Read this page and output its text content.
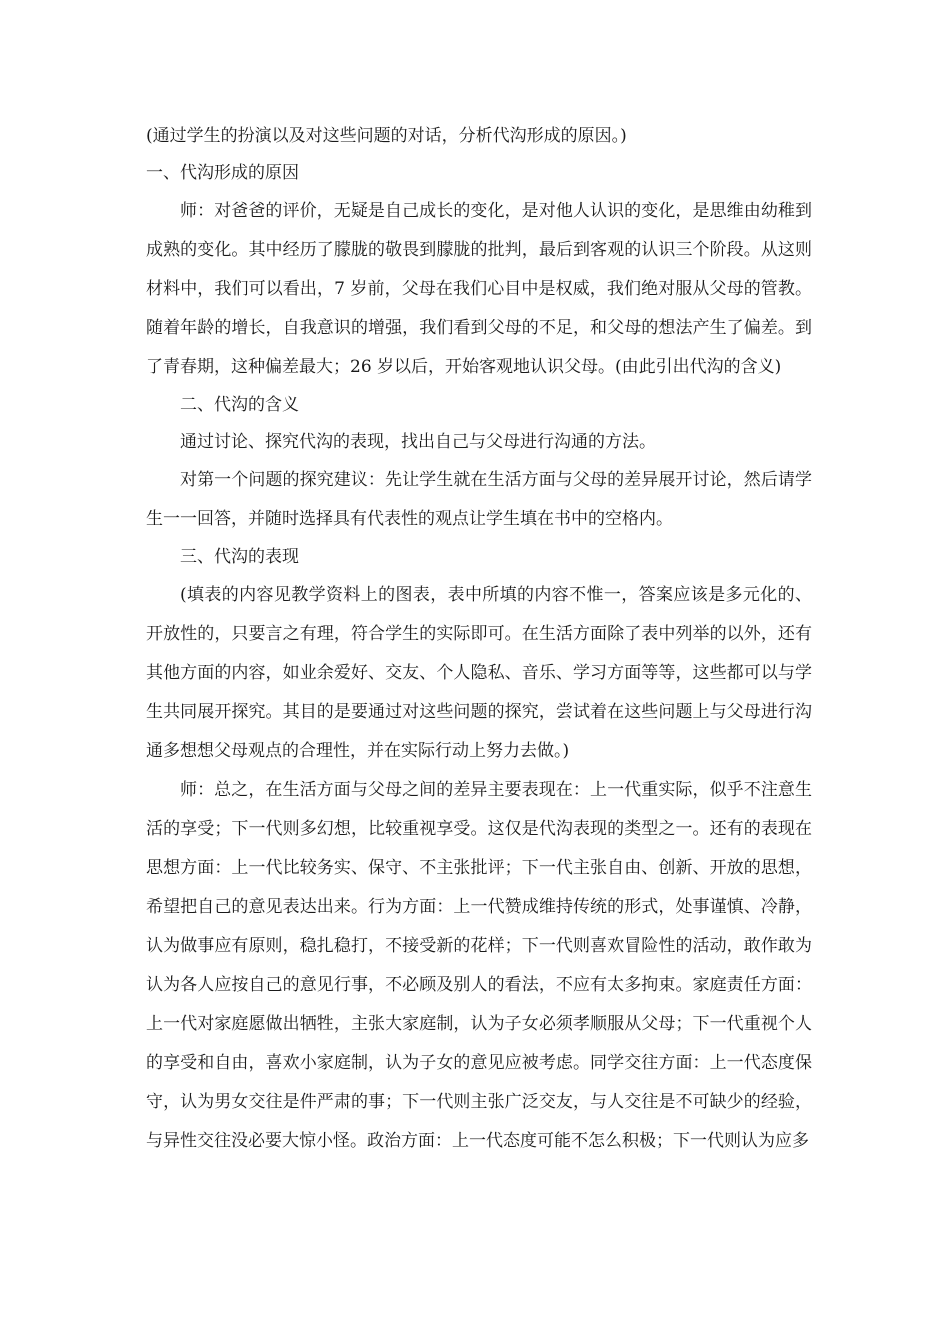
(通过学生的扮演以及对这些问题的对话，分析代沟形成的原因。)

一、代沟形成的原因

师：对爸爸的评价，无疑是自己成长的变化，是对他人认识的变化，是思维由幼稚到成熟的变化。其中经历了朦胧的敬畏到朦胧的批判，最后到客观的认识三个阶段。从这则材料中，我们可以看出，7 岁前，父母在我们心目中是权威，我们绝对服从父母的管教。随着年龄的增长，自我意识的增强，我们看到父母的不足，和父母的想法产生了偏差。到了青春期，这种偏差最大；26 岁以后，开始客观地认识父母。(由此引出代沟的含义)

二、代沟的含义

通过讨论、探究代沟的表现，找出自己与父母进行沟通的方法。

对第一个问题的探究建议：先让学生就在生活方面与父母的差异展开讨论，然后请学生一一回答，并随时选择具有代表性的观点让学生填在书中的空格内。

三、代沟的表现

(填表的内容见教学资料上的图表，表中所填的内容不惟一，答案应该是多元化的、开放性的，只要言之有理，符合学生的实际即可。在生活方面除了表中列举的以外，还有其他方面的内容，如业余爱好、交友、个人隐私、音乐、学习方面等等，这些都可以与学生共同展开探究。其目的是要通过对这些问题的探究，尝试着在这些问题上与父母进行沟通多想想父母观点的合理性，并在实际行动上努力去做。)

师：总之，在生活方面与父母之间的差异主要表现在：上一代重实际，似乎不注意生活的享受；下一代则多幻想，比较重视享受。这仅是代沟表现的类型之一。还有的表现在思想方面：上一代比较务实、保守、不主张批评；下一代主张自由、创新、开放的思想，希望把自己的意见表达出来。行为方面：上一代赞成维持传统的形式，处事谨慎、冷静，认为做事应有原则，稳扎稳打，不接受新的花样；下一代则喜欢冒险性的活动，敢作敢为认为各人应按自己的意见行事，不必顾及别人的看法，不应有太多拘束。家庭责任方面：上一代对家庭愿做出牺牲，主张大家庭制，认为子女必须孝顺服从父母；下一代重视个人的享受和自由，喜欢小家庭制，认为子女的意见应被考虑。同学交往方面：上一代态度保守，认为男女交往是件严肃的事；下一代则主张广泛交友，与人交往是不可缺少的经验，与异性交往没必要大惊小怪。政治方面：上一代态度可能不怎么积极；下一代则认为应多
